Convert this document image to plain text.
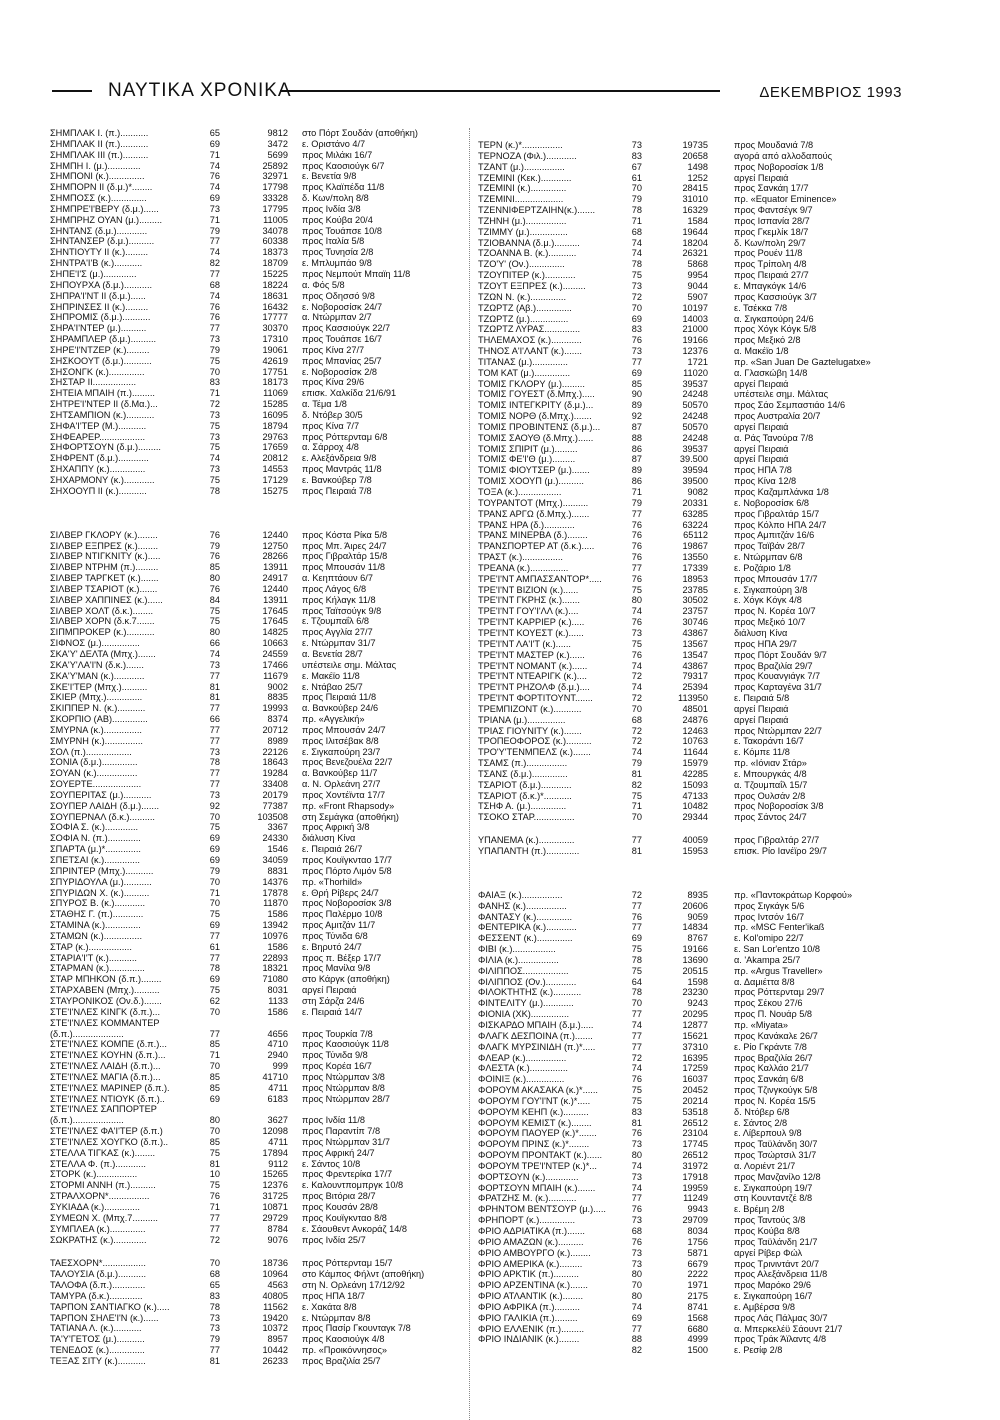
ΝΑΥΤΙΚΑ ΧΡΟΝΙΚΑ	ΔΕΚΕΜΒΡΙΟΣ 1993
ΣΗΜΠΛΑΚ Ι. (π.)...........	65	9812 στο Πόρτ Σουδάν (αποθήκη)
ΣΗΜΠΛΑΚ ΙΙ (π.)...........	69	3472 ε. Οριστάνο 4/7
ΣΗΜΠΛΑΚ ΙΙΙ (π.)..........	71	5699 προς Μιλάκι 16/7
ΣΗΜΠΗ Ι. (μ.).............	74	25892 προς Καοσιούγκ 6/7
ΣΗΜΠΟΝΙ (κ.)..............	76	32971 ε. Βενετία 9/8
ΣΗΜΠΟΡΝ ΙΙ (δ.μ.)*........	74	17798 προς Κλαϊπέδα 11/8
ΣΗΜΠΟΣΣ (κ.)..............	69	33328 δ. Κων/πολη 8/8
ΣΗΜΠΡΕ'Ι'ΒΕΡΥ (δ.μ.)......	73	17795 προς Ινδία 3/8
ΣΗΜΠΡΗΖ ΟΥΑΝ (μ.).........	71	11005 προς Κούβα 20/4
ΣΗΝΤΑΝΣ (δ.μ.)............	79	34078 προς Τουάπσε 10/8
ΣΗΝΤΑΝΣΕΡ (δ.μ.)..........	77	60338 προς Ιταλία 5/8
ΣΗΝΤΙΟΥΤΥ ΙΙ (κ.).........	74	18373 προς Τυνησία 2/8
ΣΗΝΤΡΑ'Ι'Β (κ.)...........	82	18709 ε. Μπλυμπάο 9/8
ΣΗΠΕ'Ι'Σ (μ.).............	77	15225 προς Νεμπούτ Μπαϊη 11/8
ΣΗΠΟΥΡΧΑ (δ.μ.)...........	68	18224 α. Φός 5/8
ΣΗΠΡΑ'Ι'ΝΤ ΙΙ (δ.μ.)......	74	18631 προς Οδησσό 9/8
ΣΗΠΡΙΝΣΕΣ ΙΙ (κ.).........	76	16432 ε. Νοβοροσίσκ 24/7
ΣΗΠΡΟΜΙΣ (δ.μ.)...........	76	17777 α. Ντώρμπαν 2/7
ΣΗΡΑ'Ι'ΝΤΕΡ (μ.)..........	77	30370 προς Κασσιούγκ 22/7
ΣΗΡΑΜΠΛΕΡ (δ.μ.)..........	73	17310 προς Τουάπσε 16/7
ΣΗΡΕ'Ι'ΝΤΖΕΡ (κ.).........	79	19061 προς Κίνα 27/7
ΣΗΣΚΟΟΥΤ (δ.μ.)...........	75	42619 προς Μπανίας 25/7
ΣΗΣΟΝΓΚ (κ.)..............	70	17751 ε. Νοβοροσίσκ 2/8
ΣΗΣΤΑΡ ΙΙ.................	83	18173 προς Κίνα 29/6
ΣΗΤΕΙΑ ΜΠΑΙΗ (π.).........	71	11069 επισκ. Χαλκίδα 21/6/91
ΣΗΤΡΕ'Ι'ΝΤΕΡ ΙΙ (δ.Μα.)...	72	15285 α. Τέμα 1/8
ΣΗΤΣΑΜΠΙΟΝ (κ.)...........	73	16095 δ. Ντόβερ 30/5
ΣΗΦΑ'Ι'ΤΕΡ (Μ.)...........	75	18794 προς Κίνα 7/7
ΣΗΦΕΑΡΕΡ..................	73	29763 προς Ρόττερνταμ 6/8
ΣΗΦΟΡΤΣΟΥΝ (δ.μ.).........	75	17659 α. Σάρροχ 4/8
ΣΗΦΡΕΝΤ (δ.μ.)............	74	20812 ε. Αλεξάνδρεια 9/8
ΣΗΧΑΠΠΥ (κ.)..............	73	14553 προς Μαντράς 11/8
ΣΗΧΑΡΜΟΝΥ (κ.)............	75	17129 ε. Βανκούβερ 7/8
ΣΗΧΟΟΥΠ ΙΙ (κ.)...........	78	15275 προς Πειραιά 7/8
ΣΙΛΒΕΡ ΓΚΛΟΡΥ (κ.)........	76	12440 προς Κόστα Ρίκα 5/8
ΣΙΛΒΕΡ ΕΞΠΡΕΣ (κ.)........	79	12750 προς Μπ. Άιρες 24/7
ΣΙΛΒΕΡ ΝΤΙΓΚΝΙΤΥ (κ.).....	76	28266 προς Γιβραλτάρ 15/8
ΣΙΛΒΕΡ ΝΤΡΗΜ (π.).........	85	13911 προς Μπουσάν 11/8
ΣΙΛΒΕΡ ΤΑΡΓΚΕΤ (κ.).......	80	24917 α. Κεηπτάουν 6/7
ΣΙΛΒΕΡ ΤΣΑΡΙΟΤ (κ.).......	76	12440 προς Λάγος 6/8
ΣΙΛΒΕΡ ΧΑΠΠΙΝΕΣ (κ.)......	84	13911 προς Κήλαγκ 11/8
ΣΙΛΒΕΡ ΧΟΛΤ (δ.κ.)........	75	17645 προς Ταϊτσούγκ 9/8
ΣΙΛΒΕΡ ΧΟΡΝ (δ.κ.7.......	75	17645 ε. Τζουμπαΐλ 6/8
ΣΙΠΜΠΡΟΚΕΡ (κ.)...........	80	14825 προς Αγγλία 27/7
ΣΙΦΝΟΣ (μ.)...............	66	10663 ε. Ντώρμπαν 31/7
ΣΚΑ'Υ' ΔΕΛΤΑ (Μπχ.).......	74	24559 α. Βενετία 28/7
ΣΚΑ'Υ'ΛΑ'Ι'Ν (δ.κ.).......	73	17466 υπέστειλε σημ. Μάλτας
ΣΚΑ'Υ'ΜΑΝ (κ.)............	77	11679 ε. Μακέϊο 11/8
ΣΚΕ'Ι'ΤΕΡ (Μπχ.)..........	81	9002 ε. Ντάβαο 25/7
ΣΚΙΕΡ (Μπχ.)..............	81	8835 προς Πειραιά 11/8
ΣΚΙΠΠΕΡ Ν. (κ.)...........	77	19993 α. Βανκούβερ 24/6
ΣΚΟΡΠΙΟ (ΑΒ)..............	66	8374 πρ. «Αγγελική»
ΣΜΥΡΝΑ (κ.)...............	77	20712 προς Μπουσάν 24/7
ΣΜΥΡΝΗ (κ.)...............	77	8989 προς Ιλιτσέβακ 8/8
ΣΟΛ (π.)..................	73	22126 ε. Σιγκαπούρη 23/7
ΣΟΝΙΑ (δ.μ.)..............	78	18643 προς Βενεζουέλα 22/7
ΣΟΥΑΝ (κ.)................	77	19284 α. Βανκούβερ 11/7
ΣΟΥΕΡΤΕ...................	77	33408 α. Ν. Ορλεάνη 27/7
ΣΟΥΠΕΡΙΤΑΣ (μ.)...........	73	20179 προς Χοντέϊντα 17/7
ΣΟΥΠΕΡ ΛΑΙΔΗ (δ.μ.).......	92	77387 πρ. «Front Rhapsody»
ΣΟΥΠΕΡΝΑΛ (δ.κ.)..........	70	103508 στη Σεμάγκα (αποθήκη)
ΣΟΦΙΑ Σ. (κ.).............	75	3367 προς Αφρική 3/8
ΣΟΦΙΑ Ν. (π.).............	69	24330 διάλυση Κίνα
ΣΠΑΡΤΑ (μ.)*..............	69	1546 ε. Πειραιά 26/7
ΣΠΕΤΣΑΙ (κ.)..............	69	34059 προς Κουϊγκνταο 17/7
ΣΠΡΙΝΤΕΡ (Μπχ.)...........	79	8831 προς Πόρτο Λιμόν 5/8
ΣΠΥΡΙΔΟΥΛΑ (μ.)...........	70	14376 πρ. «Thorhild»
ΣΠΥΡΙΔΩΝ Χ. (κ.)..........	71	17878 ε. Θρή Ρίβερς 24/7
ΣΠΥΡΟΣ Β. (κ.)............	70	11870 προς Νοβοροσίσκ 3/8
ΣΤΑΘΗΣ Γ. (π.)............	75	1586 προς Παλέρμο 10/8
ΣΤΑΜΙΝΑ (κ.)..............	69	13942 προς Αμιτζάν 11/7
ΣΤΑΜΩΝ (κ.)...............	77	10976 προς Τύνιδα 6/8
ΣΤΑΡ (κ.).................	61	1586 ε. Βηρυτό 24/7
ΣΤΑΡΙΑ'Ι'Τ (κ.)...........	77	22893 προς π. Βέξερ 17/7
ΣΤΑΡΜΑΝ (κ.)..............	78	18321 προς Μανίλα 9/8
ΣΤΑΡ ΜΠΗΚΟΝ (δ.π.)........	69	71080 στο Κάργκ (αποθήκη)
ΣΤΑΡΧΑΒΕΝ (Μπχ.)..........	75	8031 αργεί Πειραιά
ΣΤΑΥΡΟΝΙΚΟΣ (Ον.δ.).......	62	1133 στη Σάρζα 24/6
ΣΤΕ'Ι'ΝΛΕΣ ΚΙΝΓΚ (δ.π.)...	70	1586 ε. Πειραιά 14/7
ΣΤΕ'Ι'ΝΛΕΣ ΚΟΜΜΑΝΤΕΡ
(δ.π.)....................	77	4656 προς Τουρκία 7/8
ΣΤΕ'Ι'ΝΛΕΣ ΚΟΜΠΕ (δ.π.)...	85	4710 προς Καοσιούγκ 11/8
ΣΤΕ'Ι'ΝΛΕΣ ΚΟΥΗΝ (δ.π.)...	71	2940 προς Τύνιδα 9/8
ΣΤΕ'Ι'ΝΛΕΣ ΛΑΙΔΗ (δ.π.)...	70	999 προς Κορέα 16/7
ΣΤΕ'Ι'ΝΛΕΣ ΜΑΓΙΑ (δ.π.)...	85	41710 προς Ντώρμπαν 3/8
ΣΤΕ'Ι'ΝΛΕΣ ΜΑΡΙΝΕΡ (δ.π.).	85	4711 προς Ντώρμπαν 8/8
ΣΤΕ'Ι'ΝΛΕΣ ΝΤΙΟΥΚ (δ.π.)..	69	6183 προς Ντώρμπαν 28/7
ΣΤΕ'Ι'ΝΛΕΣ ΣΑΠΠΟΡΤΕΡ
(δ.π.)....................	80	3627 προς Ινδία 11/8
ΣΤΕ'Ι'ΝΛΕΣ ΦΑ'Ι'ΤΕΡ (δ.π.)	70	12098 προς Παραντίπ 7/8
ΣΤΕ'Ι'ΝΛΕΣ ΧΟΥΓΚΟ (δ.π.)..	85	4711 προς Ντώρμπαν 31/7
ΣΤΕΛΛΑ ΤΙΓΚΑΣ (κ.)........	75	17894 προς Αφρική 24/7
ΣΤΕΛΛΑ Φ. (π.)............	81	9112 ε. Σάντος 10/8
ΣΤΟΡΚ (κ.)................	10	15265 προς Φρεντερίκα 17/7
ΣΤΟΡΜΙ ΑΝΝΗ (π.)..........	75	12376 ε. Καλουντπομπργκ 10/8
ΣΤΡΑΛΧΟΡΝ*................	76	31725 προς Βιτόρια 28/7
ΣΥΚΙΑΔΑ (κ.)..............	71	10871 προς Κουσάν 28/8
ΣΥΜΕΩΝ Χ. (Μπχ.7..........	77	29729 προς Κουϊγκνταο 8/8
ΣΥΜΠΛΕΑ (κ.)..............	77	8784 ε. Σάουθεντ Ανκοράζ 14/8
ΣΩΚΡΑΤΗΣ (κ.).............	72	9076 προς Ινδία 25/7
ΤΑΕΣΧΟΡΝ*.................	70	18736 προς Ρόττερνταμ 15/7
ΤΑΛΟΥΣΙΑ (δ.μ.)...........	68	10964 στο Κάμπος Φήλντ (αποθήκη)
ΤΑΛΟΦΑ (δ.π.).............	65	4563 στη Ν. Ορλεάνη 17/12/92
ΤΑΜΥΡΑ (δ.κ.).............	83	40805 προς ΗΠΑ 18/7
ΤΑΡΠΟΝ ΣΑΝΤΙΑΓΚΟ (κ.).....	78	11562 ε. Χακάτα 8/8
ΤΑΡΠΟΝ ΣΗΛΕ'Ι'Ν (κ.)......	73	19420 ε. Ντώρμπαν 8/8
ΤΑΤΙΑΝΑ Λ. (κ.)...........	73	10372 προς Πασίρ Γκουνταγκ 7/8
ΤΑ'Υ'ΓΕΤΟΣ (μ.)...........	79	8957 προς Καοσιούγκ 4/8
ΤΕΝΕΔΟΣ (κ.)..............	77	10442 πρ. «Προικόννησος»
ΤΕΞΑΣ ΣΙΤΥ (κ.)...........	81	26233 προς Βραζιλία 25/7
ΤΕΡΝ (κ.)*................	73	19735	προς Μουδανιά 7/8
ΤΕΡΝΟΖΑ (Φιλ.)............	83	20658	αγορά από αλλοδαπούς
ΤΖΑΝΤ (μ.)................	67	1498	προς Νοβοροσίσκ 1/8
ΤΖΕΜΙΝΙ (Κεκ.)............	61	1252	αργεί Πειραιά
ΤΖΕΜΙΝΙ (κ.)..............	70	28415	προς Σανκάη 17/7
ΤΖΕΜΙΝΙ...................	79	31010	πρ. «Equator Eminence»
ΤΖΕΝΝΙΦΕΡΤΖΑΙΗΝ(κ.).......	78	16329	προς Φαντσέγκ 9/7
ΤΖΗΝΗ (μ.)................	71	1584	προς Ισπανία 28/7
ΤΖΙΜΜΥ (μ.)...............	68	19644	προς Γκεμλίκ 18/7
ΤΖΙΟΒΑΝΝΑ (δ.μ.)..........	74	18204	δ. Κων/πολη 29/7
ΤΖΟΑΝΝΑ Β. (κ.)...........	74	26321	προς Ρουέν 11/8
ΤΖΟ'Υ' (Ον.)..............	78	5868	προς Τρίπολη 4/8
ΤΖΟΥΠΙΤΕΡ (κ.)............	75	9954	προς Πειραιά 27/7
ΤΖΟΥΤ ΕΞΠΡΕΣ (κ.).........	73	9044	ε. Μπαγκόγκ 14/6
ΤΖΩΝ Ν. (κ.)..............	72	5907	προς Κασσιούγκ 3/7
ΤΖΩΡΤΖ (Αβ.)..............	70	10197	ε. Τσέκκα 7/8
ΤΖΩΡΤΖ (μ.)...............	69	14003	α. Σιγκαπούρη 24/6
ΤΖΩΡΤΖ ΛΥΡΑΣ..............	83	21000	προς Χόγκ Κόγκ 5/8
ΤΗΛΕΜΑΧΟΣ (κ.)............	76	19166	προς Μεξικό 2/8
ΤΗΝΟΣ Α'Ι'ΛΑΝΤ (κ.).......	73	12376	α. Μακέϊο 1/8
ΤΙΤΑΝΑΣ (μ.)..............	77	1721	πρ. «San Juan De Gaztelugatxe»
ΤΟΜ ΚΑΤ (μ.)..............	69	11020	α. Γλασκώβη 14/8
ΤΟΜΙΣ ΓΚΛΟΡΥ (μ.).........	85	39537	αργεί Πειραιά
ΤΟΜΙΣ ΓΟΥΕΣΤ (δ.Μπχ.).....	90	24248	υπέστειλε σημ. Μάλτας
ΤΟΜΙΣ ΙΝΤΕΓΚΡΙΤΥ (δ.μ.)...	89	50570	προς Σάο Σεμπαστιάο 14/6
ΤΟΜΙΣ ΝΟΡΘ (δ.Μπχ.).......	92	24248	προς Αυστραλία 20/7
ΤΟΜΙΣ ΠΡΟΒΙΝΤΕΝΣ (δ.μ.)...	87	50570	αργεί Πειραιά
ΤΟΜΙΣ ΣΑΟΥΘ (δ.Μπχ.)......	88	24248	α. Ράς Τανούρα 7/8
ΤΟΜΙΣ ΣΠΙΡΙΤ (μ.).........	86	39537	αργεί Πειραιά
ΤΟΜΙΣ ΦΕ'Ι'Θ (μ.).........	87	39.500	αργεί Πειραιά
ΤΟΜΙΣ ΦΙΟΥΤΣΕΡ (μ.).......	89	39594	προς ΗΠΑ 7/8
ΤΟΜΙΣ ΧΟΟΥΠ (μ.)..........	86	39500	προς Κίνα 12/8
ΤΟΞΑ (κ.).................	71	9082	προς Καζαμπλάνκα 1/8
ΤΟΥΡΑΝΤΟΤ (Μπχ.)..........	79	20331	ε. Νοβοροσίσκ 6/8
ΤΡΑΝΣ ΑΡΓΩ (δ.Μπχ.).......	77	63285	προς Γιβραλτάρ 15/7
ΤΡΑΝΣ ΗΡΑ (δ.)............	76	63224	προς Κόλπο ΗΠΑ 24/7
ΤΡΑΝΣ ΜΙΝΕΡΒΑ (δ.)........	76	65112	προς Αμπιτζάν 16/6
ΤΡΑΝΣΠΟΡΤΕΡ ΑΤ (δ.κ.).....	76	19867	προς Ταϊβάν 28/7
ΤΡΑΣΤ (κ.)................	76	13550	ε. Ντώρμπαν 6/8
ΤΡΕΑΝΑ (κ.)...............	77	17339	ε. Ροζάριο 1/8
ΤΡΕ'Ι'ΝΤ ΑΜΠΑΣΣΑΝΤΟΡ*.....	76	18953	προς Μπουσάν 17/7
ΤΡΕ'Ι'ΝΤ ΒΙΖΙΟΝ (κ.)......	75	23785	ε. Σιγκαπούρη 3/8
ΤΡΕ'Ι'ΝΤ ΓΚΡΗΣ (κ.).......	80	30502	ε. Χόγκ Κόγκ 4/8
ΤΡΕ'Ι'ΝΤ ΓΟΥ'Ι'ΛΛ (κ.)....	74	23757	προς Ν. Κορέα 10/7
ΤΡΕ'Ι'ΝΤ ΚΑΡΡΙΕΡ (κ.).....	76	30746	προς Μεξικό 10/7
ΤΡΕ'Ι'ΝΤ ΚΟΥΕΣΤ (κ.)......	73	43867	διάλυση Κίνα
ΤΡΕ'Ι'ΝΤ ΛΑ'Ι'Τ (κ.)......	75	13567	προς ΗΠΑ 29/7
ΤΡΕ'Ι'ΝΤ ΜΑΣΤΕΡ (κ.)......	76	13547	προς Πόρτ Σουδάν 9/7
ΤΡΕ'Ι'ΝΤ ΝΟΜΑΝΤ (κ.)......	74	43867	προς Βραζιλία 29/7
ΤΡΕ'Ι'ΝΤ ΝΤΕΑΡΙΓΚ (κ.)....	72	79317	προς Κουανγιάγκ 7/7
ΤΡΕ'Ι'ΝΤ ΡΗΖΟΛΦ (δ.μ.)....	74	25394	προς Καρταγένα 31/7
ΤΡΕ'Ι'ΝΤ ΦΟΡΤΙΤΟΥΝΤ.......	72	113950	ε. Πειραιά 5/8
ΤΡΕΜΠΙΖΟΝΤ (κ.)...........	70	48501	αργεί Πειραιά
ΤΡΙΑΝΑ (μ.)...............	68	24876	αργεί Πειραιά
ΤΡΙΑΣ ΓΙΟΥΝΙΤΥ (κ.).......	72	12463	προς Ντώρμπαν 22/7
ΤΡΟΠΕΟΦΟΡΟΣ (κ.)..........	72	10763	ε. Τακοράντι 16/7
ΤΡΟ'Υ'ΤΕΝΜΠΕΛΣ (κ.).......	74	11644	ε. Κόμπε 11/8
ΤΣΑΜΣ (π.)................	79	15979	πρ. «Ιόνιαν Στάρ»
ΤΣΑΝΣ (δ.μ.)..............	81	42285	ε. Μπουργκάς 4/8
ΤΣΑΡΙΟΤ (δ.μ.)............	82	15093	α. Τζουμπαΐλ 15/7
ΤΣΑΡΙΟΤ (δ.κ.)*...........	75	47133	προς Ουλσάν 2/8
ΤΣΗΦ Α. (μ.)..............	71	10482	προς Νοβοροσίσκ 3/8
ΤΣΟΚΟ ΣΤΑΡ................	70	29344	προς Σάντος 24/7
ΥΠΑΝΕΜΑ (κ.)..............	77	40059	προς Γιβραλτάρ 27/7
ΥΠΑΠΑΝΤΗ (π.).............	81	15953	επισκ. Ρίο Ιανέϊρο 29/7
ΦΑΙΑΞ (κ.)................	72	8935	πρ. «Παντοκράτωρ Κορφού»
ΦΑΝΗΣ (κ.)................	77	20606	προς Σιγκάγκ 5/6
ΦΑΝΤΑΣΥ (κ.)..............	76	9059	προς Ιντσόν 16/7
ΦΕΝΤΕΡΙΚΑ (κ.)............	77	14834	πρ. «MSC Fenter'ikaß
ΦΕΣΣΕΝΤ (κ.)..............	69	8767	ε. Kol'omipo 22/7
ΦΙΒΙ (κ.).................	75	19166	ε. San Lor'entzo 10/8
ΦΙΛΙΑ (κ.)................	78	13690	α. 'Akampa 25/7
ΦΙΛΙΠΠΟΣ..................	75	20515	πρ. «Argus Traveller»
ΦΙΛΙΠΠΟΣ (Ον.)............	64	1598	α. Δαμιέττα 8/8
ΦΙΛΟΚΤΗΤΗΣ (κ.)...........	78	23230	προς Ρόττερνταμ 29/7
ΦΙΝΤΕΛΙΤΥ (μ.)............	70	9243	προς Σέκου 27/6
ΦΙΟΝΙΑ (ΧΚ)...............	77	20295	προς Π. Νουάρ 5/8
ΦΙΣΚΑΡΔΟ ΜΠΑΙΗ (δ.μ.).....	74	12877	πρ. «Miyata»
ΦΛΑΓΚ ΔΕΣΠΟΙΝΑ (π.).......	77	15621	προς Κανάκαλε 26/7
ΦΛΑΓΚ ΜΥΡΣΙΝΙΔΗ (π.)*.....	77	37310	ε. Ρίο Γκράντε 7/8
ΦΛΕΑΡ (κ.)................	72	16395	προς Βραζιλία 26/7
ΦΛΕΣΤΑ (κ.)...............	74	17259	προς Καλλάο 21/7
ΦΟΙΝΙΞ (κ.)...............	76	16037	προς Σανκάη 6/8
ΦΟΡΟΥΜ ΑΚΑΣΑΚΑ (κ.)*......	75	20452	προς Τζινγκούγκ 5/8
ΦΟΡΟΥΜ ΓΟΥ'Ι'ΝΤ (κ.)*.....	75	20214	προς Ν. Κορέα 15/5
ΦΟΡΟΥΜ ΚΕΗΠ (κ.)..........	83	53518	δ. Ντόβερ 6/8
ΦΟΡΟΥΜ ΚΕΜΙΣΤ (κ.)........	81	26512	ε. Σάντος 2/8
ΦΟΡΟΥΜ ΠΑΟΥΕΡ (κ.)*.......	76	23104	ε. Λίβερπουλ 9/8
ΦΟΡΟΥΜ ΠΡΙΝΣ (κ.)*........	73	17745	προς Ταϋλάνδη 30/7
ΦΟΡΟΥΜ ΠΡΟΝΤΑΚΤ (κ.)......	80	26512	προς Τσώρτσιλ 31/7
ΦΟΡΟΥΜ ΤΡΕ'Ι'ΝΤΕΡ (κ.)*...	74	31972	α. Λοριέντ 21/7
ΦΟΡΤΣΟΥΝ (κ.).............	73	17918	προς Μανζανίλο 12/8
ΦΟΡΤΣΟΥΝ ΜΠΑΙΗ (κ.).......	74	19959	ε. Σιγκαπούρη 19/7
ΦΡΑΤΖΗΣ Μ. (κ.)...........	77	11249	στη Κουνταντζέ 8/8
ΦΡΗΝΤΟΜ ΒΕΝΤΣΟΥΡ (μ.).....	76	9943	ε. Βρέμη 2/8
ΦΡΗΠΟΡΤ (κ.)..............	73	29709	προς Ταντούς 3/8
ΦΡΙΟ ΑΔΡΙΑΤΙΚΑ (π.).......	68	8034	προς Κούβα 8/8
ΦΡΙΟ ΑΜΑΖΩΝ (κ.)..........	76	1756	προς Ταϋλάνδη 21/7
ΦΡΙΟ ΑΜΒΟΥΡΓΟ (κ.)........	73	5871	αργεί Ρίβερ Φώλ
ΦΡΙΟ ΑΜΕΡΙΚΑ (κ.).........	73	6679	προς Τρινιντάντ 20/7
ΦΡΙΟ ΑΡΚΤΙΚ (π.)..........	80	2222	προς Αλεξάνδρεια 11/8
ΦΡΙΟ ΑΡΖΕΝΤΙΝΑ (κ.).......	70	1971	προς Μαρόκο 29/6
ΦΡΙΟ ΑΤΛΑΝΤΙΚ (κ.)........	80	2175	ε. Σιγκαπούρη 16/7
ΦΡΙΟ ΑΦΡΙΚΑ (π.)..........	74	8741	ε. Αμβέρσα 9/8
ΦΡΙΟ ΓΑΛΙΚΙΑ (π.).........	69	1568	προς Λάς Πάλμας 30/7
ΦΡΙΟ ΕΛΛΕΝΙΚ (π.).........	77	6680	α. Μπερκελέϋ Σάουντ 21/7
ΦΡΙΟ ΙΝΔΙΑΝΙΚ (κ.)........	88	4999	προς Τράκ Άϊλαντς 4/8
82	1500	ε. Ρεσίφ 2/8
